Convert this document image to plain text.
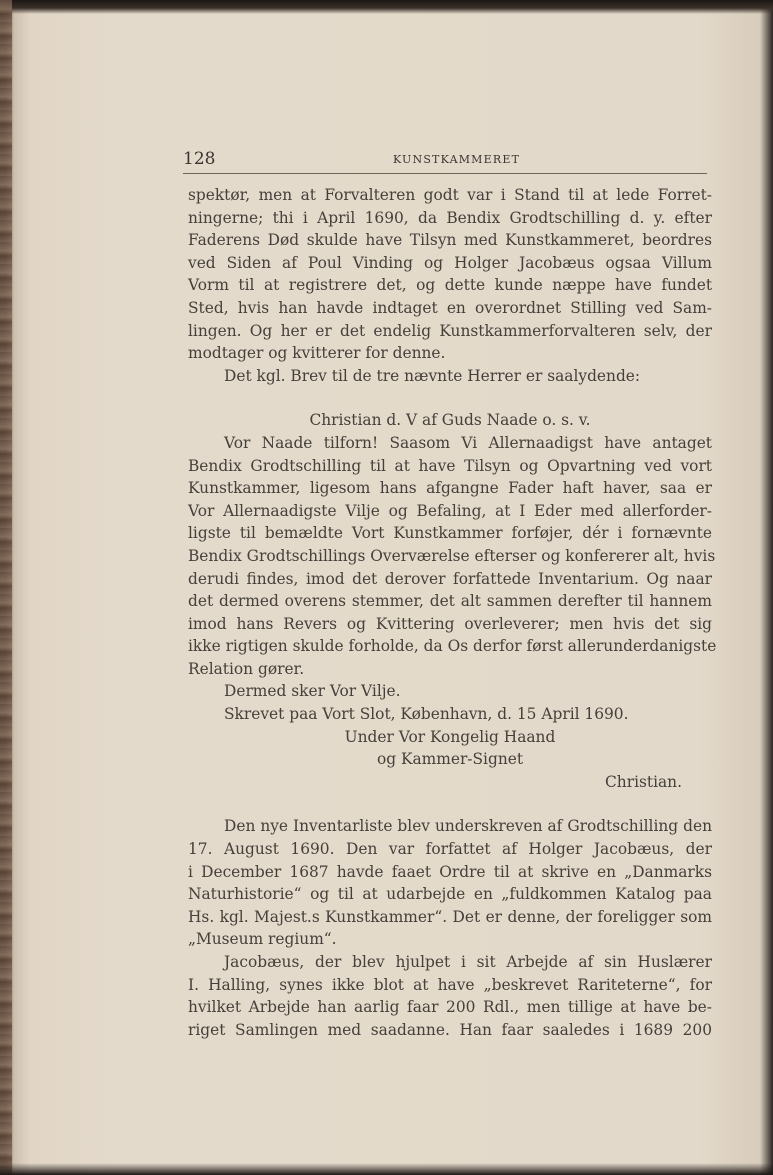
128	KUNSTKAMMERET
spektør, men at Forvalteren godt var i Stand til at lede Forret-
ningerne; thi i April 1690, da Bendix Grodtschilling d. y. efter
Faderens Død skulde have Tilsyn med Kunstkammeret, beordres
ved Siden af Poul Vinding og Holger Jacobæus ogsaa Villum
Vorm til at registrere det, og dette kunde næppe have fundet
Sted, hvis han havde indtaget en overordnet Stilling ved Sam-
lingen. Og her er det endelig Kunstkammerforvalteren selv, der
modtager og kvitterer for denne.
Det kgl. Brev til de tre nævnte Herrer er saalydende:
Christian d. V af Guds Naade o. s. v.
Vor Naade tilforn! Saasom Vi Allernaadigst have antaget
Bendix Grodtschilling til at have Tilsyn og Opvartning ved vort
Kunstkammer, ligesom hans afgangne Fader haft haver, saa er
Vor Allernaadigste Vilje og Befaling, at I Eder med allerforder-
ligste til bemældte Vort Kunstkammer forføjer, dér i fornævnte
Bendix Grodtschillings Overværelse efterser og konfererer alt, hvis
derudi findes, imod det derover forfattede Inventarium. Og naar
det dermed overens stemmer, det alt sammen derefter til hannem
imod hans Revers og Kvittering overleverer; men hvis det sig
ikke rigtigen skulde forholde, da Os derfor først allerunderdanigste
Relation gører.
Dermed sker Vor Vilje.
Skrevet paa Vort Slot, København, d. 15 April 1690.
Under Vor Kongelig Haand
og Kammer-Signet
Christian.
Den nye Inventarliste blev underskreven af Grodtschilling den
17. August 1690. Den var forfattet af Holger Jacobæus, der
i December 1687 havde faaet Ordre til at skrive en „Danmarks
Naturhistorie“ og til at udarbejde en „fuldkommen Katalog paa
Hs. kgl. Majest.s Kunstkammer“. Det er denne, der foreligger som
„Museum regium“.
Jacobæus, der blev hjulpet i sit Arbejde af sin Huslærer
I. Halling, synes ikke blot at have „beskrevet Rariteterne“, for
hvilket Arbejde han aarlig faar 200 Rdl., men tillige at have be-
riget Samlingen med saadanne. Han faar saaledes i 1689 200
